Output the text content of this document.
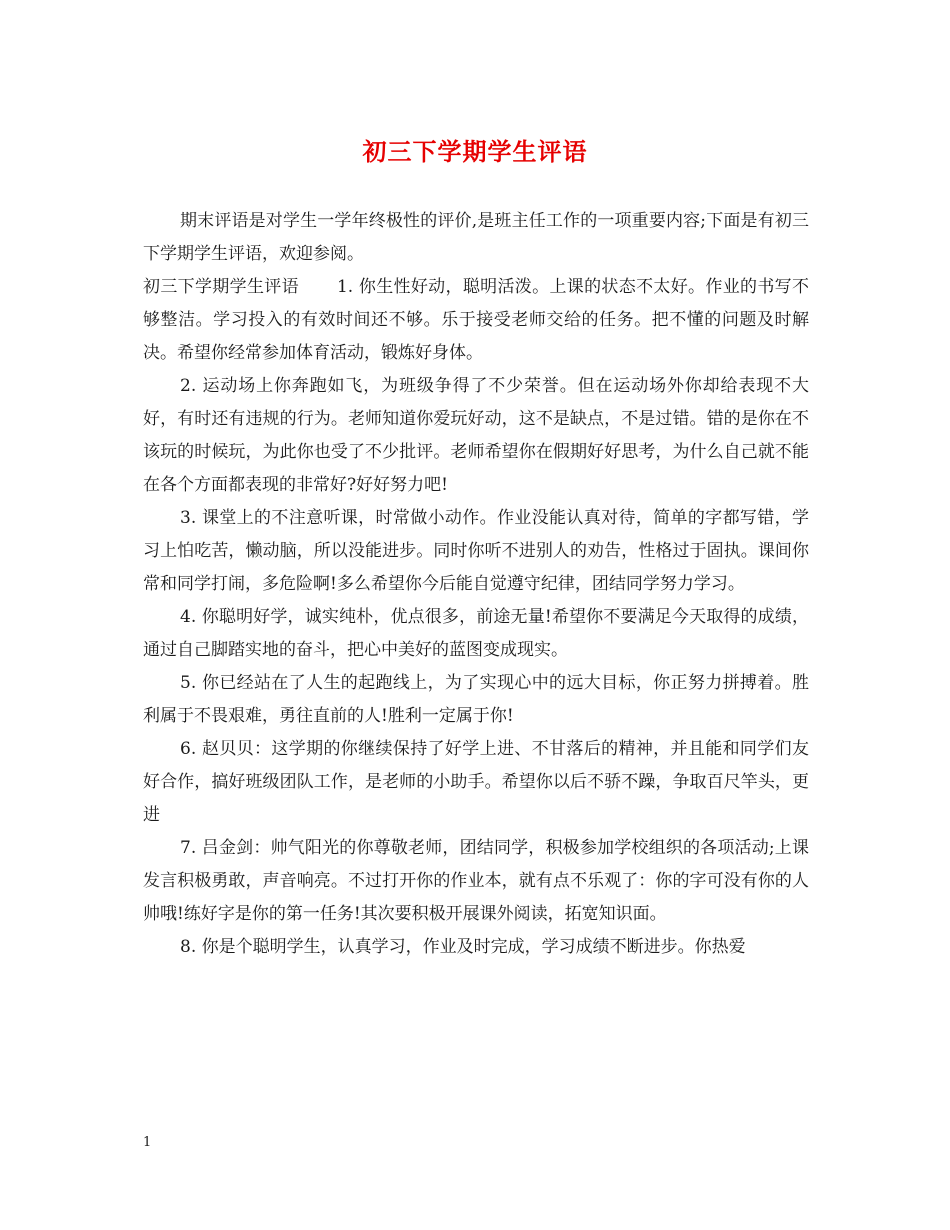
初三下学期学生评语

期末评语是对学生一学年终极性的评价,是班主任工作的一项重要内容;下面是有初三下学期学生评语，欢迎参阅。

初三下学期学生评语 1. 你生性好动，聪明活泼。上课的状态不太好。作业的书写不够整洁。学习投入的有效时间还不够。乐于接受老师交给的任务。把不懂的问题及时解决。希望你经常参加体育活动，锻炼好身体。

2. 运动场上你奔跑如飞，为班级争得了不少荣誉。但在运动场外你却给表现不大好，有时还有违规的行为。老师知道你爱玩好动，这不是缺点，不是过错。错的是你在不该玩的时候玩，为此你也受了不少批评。老师希望你在假期好好思考，为什么自己就不能在各个方面都表现的非常好?好好努力吧!

3. 课堂上的不注意听课，时常做小动作。作业没能认真对待，简单的字都写错，学习上怕吃苦，懒动脑，所以没能进步。同时你听不进别人的劝告，性格过于固执。课间你常和同学打闹，多危险啊!多么希望你今后能自觉遵守纪律，团结同学努力学习。

4. 你聪明好学，诚实纯朴，优点很多，前途无量!希望你不要满足今天取得的成绩，通过自己脚踏实地的奋斗，把心中美好的蓝图变成现实。

5. 你已经站在了人生的起跑线上，为了实现心中的远大目标，你正努力拼搏着。胜利属于不畏艰难，勇往直前的人!胜利一定属于你!

6. 赵贝贝：这学期的你继续保持了好学上进、不甘落后的精神，并且能和同学们友好合作，搞好班级团队工作，是老师的小助手。希望你以后不骄不躁，争取百尺竿头，更进

7. 吕金剑：帅气阳光的你尊敬老师，团结同学，积极参加学校组织的各项活动;上课发言积极勇敢，声音响亮。不过打开你的作业本，就有点不乐观了：你的字可没有你的人帅哦!练好字是你的第一任务!其次要积极开展课外阅读，拓宽知识面。

8. 你是个聪明学生，认真学习，作业及时完成，学习成绩不断进步。你热爱

1
